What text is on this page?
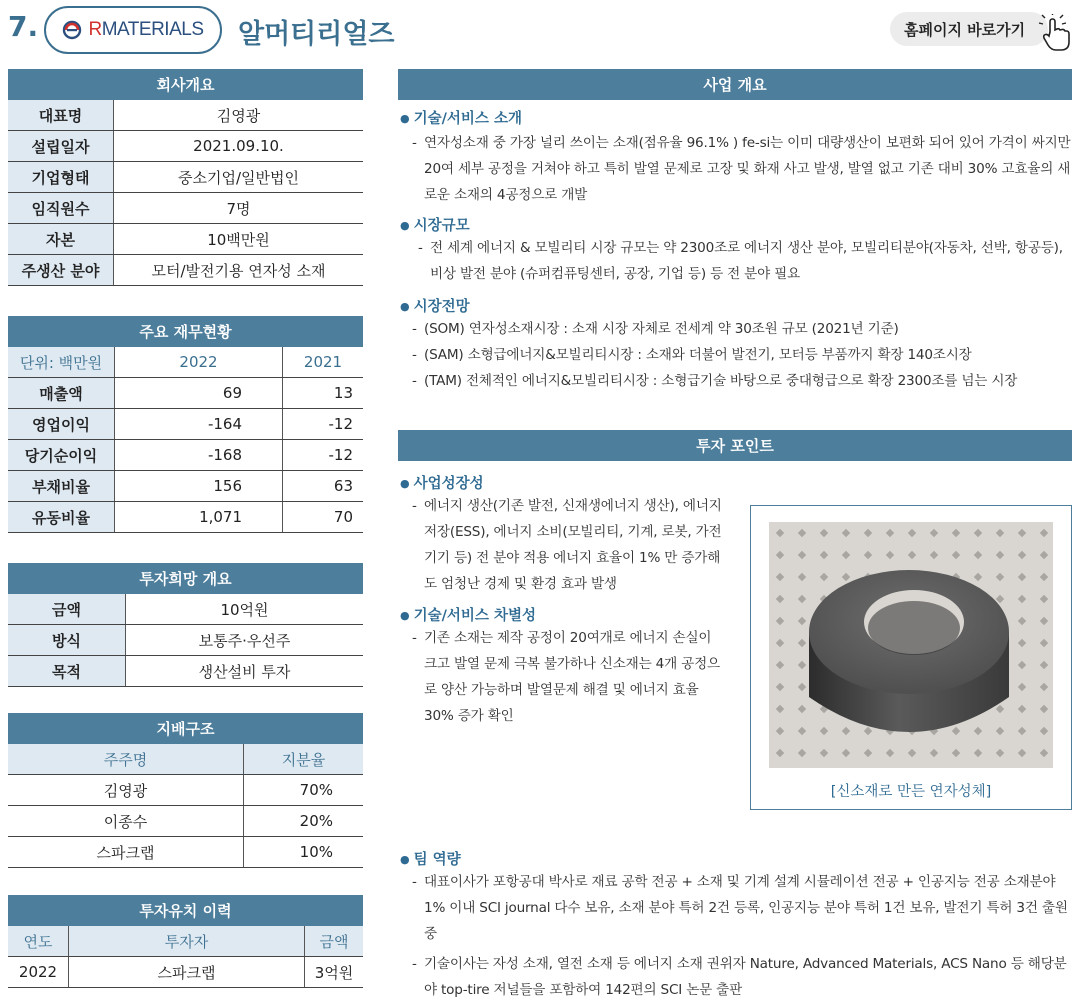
7.	RMATERIALS 알머티리얼즈	홈페이지 바로가기
회사개요
대표명	김영광
설립일자	2021.09.10.
기업형태	중소기업/일반법인
임직원수	7명
자본	10백만원
주생산 분야	모터/발전기용 연자성 소재
주요 재무현황
단위: 백만원	2022	2021
매출액	69	13
영업이익	-164	-12
당기순이익	-168	-12
부채비율	156	63
유동비율	1,071	70
투자희망 개요
금액	10억원
방식	보통주·우선주
목적	생산설비 투자
지배구조
주주명	지분율
김영광	70%
이종수	20%
스파크랩	10%
투자유치 이력
연도	투자자	금액
2022	스파크랩	3억원
사업 개요
● 기술/서비스 소개
- 연자성소재 중 가장 널리 쓰이는 소재(점유율 96.1% ) fe-si는 이미 대량생산이 보편화 되어 있어 가격이 싸지만 20여 세부 공정을 거쳐야 하고 특히 발열 문제로 고장 및 화재 사고 발생, 발열 없고 기존 대비 30% 고효율의 새로운 소재의 4공정으로 개발
● 시장규모
- 전 세계 에너지 & 모빌리티 시장 규모는 약 2300조로 에너지 생산 분야, 모빌리티분야(자동차, 선박, 항공등), 비상 발전 분야 (슈퍼컴퓨팅센터, 공장, 기업 등) 등 전 분야 필요
● 시장전망
- (SOM) 연자성소재시장 : 소재 시장 자체로 전세계 약 30조원 규모 (2021년 기준)
- (SAM) 소형급에너지&모빌리티시장 : 소재와 더불어 발전기, 모터등 부품까지 확장 140조시장
- (TAM) 전체적인 에너지&모빌리티시장 : 소형급기술 바탕으로 중대형급으로 확장 2300조를 넘는 시장
투자 포인트
● 사업성장성
- 에너지 생산(기존 발전, 신재생에너지 생산), 에너지 저장(ESS), 에너지 소비(모빌리티, 기계, 로봇, 가전기기 등) 전 분야 적용 에너지 효율이 1% 만 증가해도 엄청난 경제 및 환경 효과 발생
● 기술/서비스 차별성
- 기존 소재는 제작 공정이 20여개로 에너지 손실이 크고 발열 문제 극복 불가하나 신소재는 4개 공정으로 양산 가능하며 발열문제 해결 및 에너지 효율 30% 증가 확인
[신소재로 만든 연자성체]
● 팀 역량
- 대표이사가 포항공대 박사로 재료 공학 전공 + 소재 및 기계 설계 시뮬레이션 전공 + 인공지능 전공 소재분야 1% 이내 SCI journal 다수 보유, 소재 분야 특허 2건 등록, 인공지능 분야 특허 1건 보유, 발전기 특허 3건 출원 중
- 기술이사는 자성 소재, 열전 소재 등 에너지 소재 권위자 Nature, Advanced Materials, ACS Nano 등 해당분야 top-tire 저널들을 포함하여 142편의 SCI 논문 출판
